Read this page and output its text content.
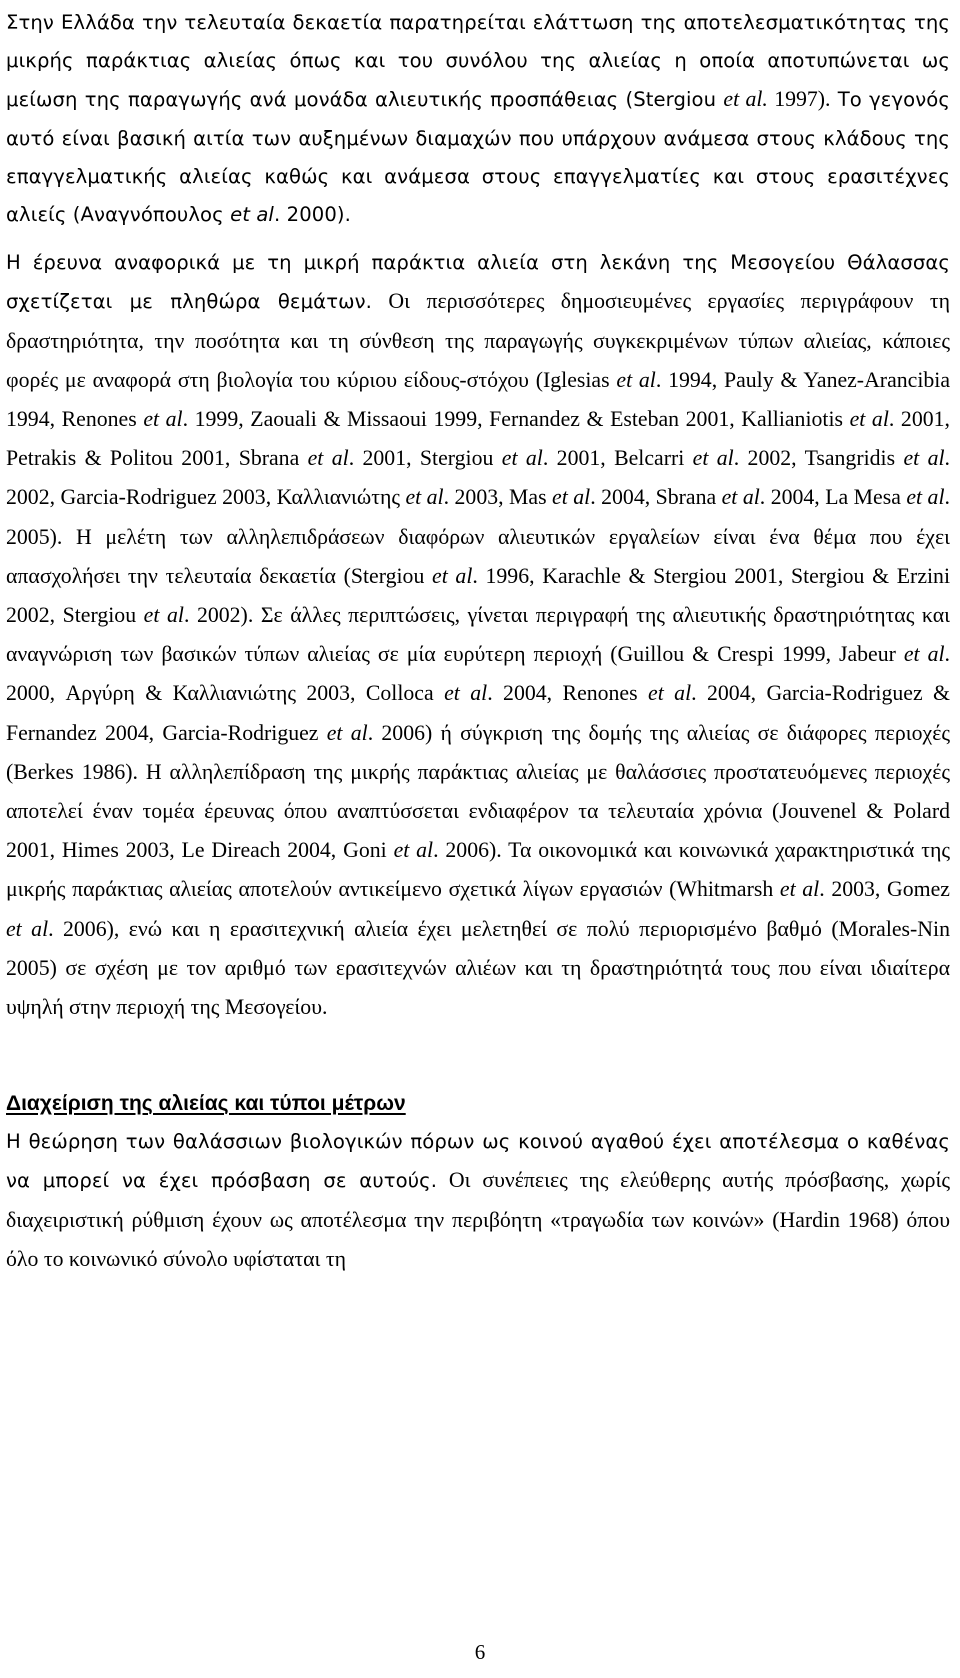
Στην Ελλάδα την τελευταία δεκαετία παρατηρείται ελάττωση της αποτελεσματικότητας της μικρής παράκτιας αλιείας όπως και του συνόλου της αλιείας η οποία αποτυπώνεται ως μείωση της παραγωγής ανά μονάδα αλιευτικής προσπάθειας (Stergiou et al. 1997). Το γεγονός αυτό είναι βασική αιτία των αυξημένων διαμαχών που υπάρχουν ανάμεσα στους κλάδους της επαγγελματικής αλιείας καθώς και ανάμεσα στους επαγγελματίες και στους ερασιτέχνες αλιείς (Αναγνόπουλος et al. 2000).

Η έρευνα αναφορικά με τη μικρή παράκτια αλιεία στη λεκάνη της Μεσογείου Θάλασσας σχετίζεται με πληθώρα θεμάτων. Οι περισσότερες δημοσιευμένες εργασίες περιγράφουν τη δραστηριότητα, την ποσότητα και τη σύνθεση της παραγωγής συγκεκριμένων τύπων αλιείας, κάποιες φορές με αναφορά στη βιολογία του κύριου είδους-στόχου (Iglesias et al. 1994, Pauly & Yanez-Arancibia 1994, Renones et al. 1999, Zaouali & Missaoui 1999, Fernandez & Esteban 2001, Kallianiotis et al. 2001, Petrakis & Politou 2001, Sbrana et al. 2001, Stergiou et al. 2001, Belcarri et al. 2002, Tsangridis et al. 2002, Garcia-Rodriguez 2003, Καλλιανιώτης et al. 2003, Mas et al. 2004, Sbrana et al. 2004, La Mesa et al. 2005). Η μελέτη των αλληλεπιδράσεων διαφόρων αλιευτικών εργαλείων είναι ένα θέμα που έχει απασχολήσει την τελευταία δεκαετία (Stergiou et al. 1996, Karachle & Stergiou 2001, Stergiou & Erzini 2002, Stergiou et al. 2002). Σε άλλες περιπτώσεις, γίνεται περιγραφή της αλιευτικής δραστηριότητας και αναγνώριση των βασικών τύπων αλιείας σε μία ευρύτερη περιοχή (Guillou & Crespi 1999, Jabeur et al. 2000, Αργύρη & Καλλιανιώτης 2003, Colloca et al. 2004, Renones et al. 2004, Garcia-Rodriguez & Fernandez 2004, Garcia-Rodriguez et al. 2006) ή σύγκριση της δομής της αλιείας σε διάφορες περιοχές (Berkes 1986). Η αλληλεπίδραση της μικρής παράκτιας αλιείας με θαλάσσιες προστατευόμενες περιοχές αποτελεί έναν τομέα έρευνας όπου αναπτύσσεται ενδιαφέρον τα τελευταία χρόνια (Jouvenel & Polard 2001, Himes 2003, Le Direach 2004, Goni et al. 2006). Τα οικονομικά και κοινωνικά χαρακτηριστικά της μικρής παράκτιας αλιείας αποτελούν αντικείμενο σχετικά λίγων εργασιών (Whitmarsh et al. 2003, Gomez et al. 2006), ενώ και η ερασιτεχνική αλιεία έχει μελετηθεί σε πολύ περιορισμένο βαθμό (Morales-Nin 2005) σε σχέση με τον αριθμό των ερασιτεχνών αλιέων και τη δραστηριότητά τους που είναι ιδιαίτερα υψηλή στην περιοχή της Μεσογείου.

Διαχείριση της αλιείας και τύποι μέτρων

Η θεώρηση των θαλάσσιων βιολογικών πόρων ως κοινού αγαθού έχει αποτέλεσμα ο καθένας να μπορεί να έχει πρόσβαση σε αυτούς. Οι συνέπειες της ελεύθερης αυτής πρόσβασης, χωρίς διαχειριστική ρύθμιση έχουν ως αποτέλεσμα την περιβόητη «τραγωδία των κοινών» (Hardin 1968) όπου όλο το κοινωνικό σύνολο υφίσταται τη

6
